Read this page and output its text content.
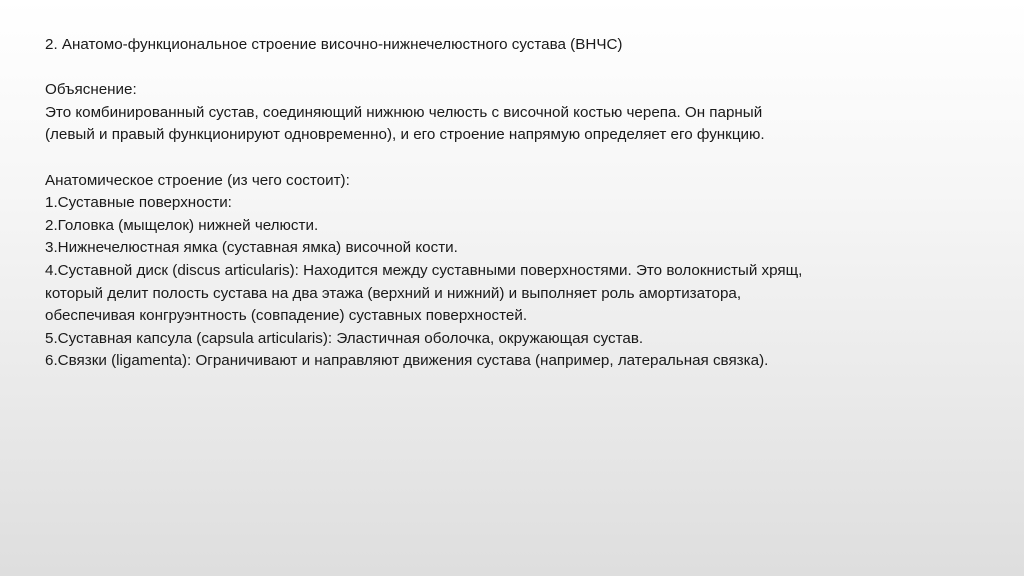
2. Анатомо-функциональное строение височно-нижнечелюстного сустава (ВНЧС)
Объяснение:
Это комбинированный сустав, соединяющий нижнюю челюсть с височной костью черепа. Он парный
(левый и правый функционируют одновременно), и его строение напрямую определяет его функцию.
Анатомическое строение (из чего состоит):
1.Суставные поверхности:
2.Головка (мыщелок) нижней челюсти.
3.Нижнечелюстная ямка (суставная ямка) височной кости.
4.Суставной диск (discus articularis): Находится между суставными поверхностями. Это волокнистый хрящ,
который делит полость сустава на два этажа (верхний и нижний) и выполняет роль амортизатора,
обеспечивая конгруэнтность (совпадение) суставных поверхностей.
5.Суставная капсула (capsula articularis): Эластичная оболочка, окружающая сустав.
6.Связки (ligamenta): Ограничивают и направляют движения сустава (например, латеральная связка).
